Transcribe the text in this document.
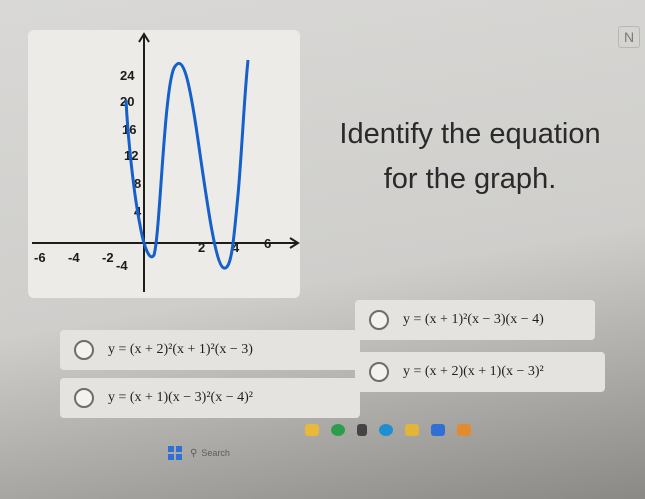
-6 -4 -2
2 4 6
24
20
16
12
8
4
-4
Identify the equation
for the graph.
N
y = (x + 2)²(x + 1)²(x − 3)
y = (x + 1)²(x − 3)(x − 4)
y = (x + 1)(x − 3)²(x − 4)²
y = (x + 2)(x + 1)(x − 3)²
⚲ Search
